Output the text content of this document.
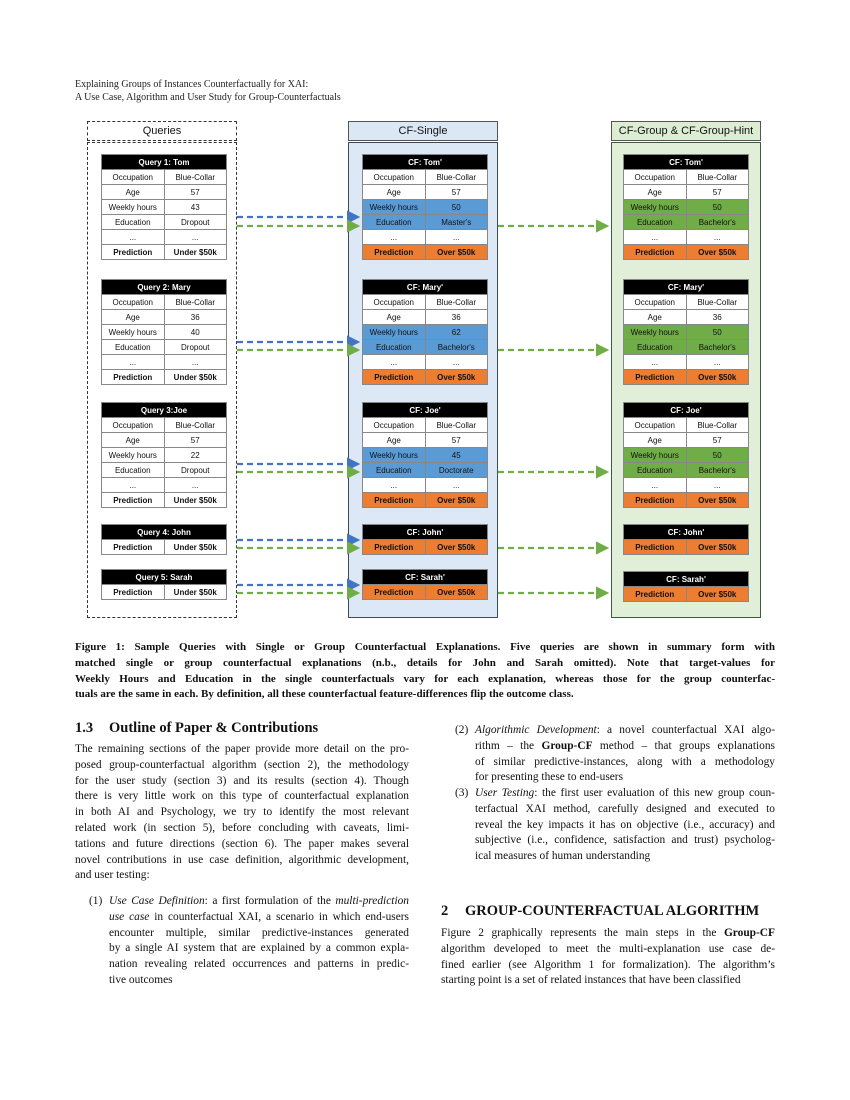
Explaining Groups of Instances Counterfactually for XAI:
A Use Case, Algorithm and User Study for Group-Counterfactuals
Queries	CF-Single	CF-Group & CF-Group-Hint
Query 1: Tom	
Occupation	Blue-Collar
Age	57
Weekly hours	43
Education	Dropout
...	...
Prediction	Under $50k
Query 2: Mary	
Occupation	Blue-Collar
Age	36
Weekly hours	40
Education	Dropout
...	...
Prediction	Under $50k
Query 3:Joe	
Occupation	Blue-Collar
Age	57
Weekly hours	22
Education	Dropout
...	...
Prediction	Under $50k
Query 4: John
Prediction	Under $50k
Query 5: Sarah
Prediction	Under $50k
CF: Tom'	
Occupation	Blue-Collar
Age	57
Weekly hours	50
Education	Master's
...	...
Prediction	Over $50k
CF: Mary'	
Occupation	Blue-Collar
Age	36
Weekly hours	62
Education	Bachelor's
...	...
Prediction	Over $50k
CF: Joe'	
Occupation	Blue-Collar
Age	57
Weekly hours	45
Education	Doctorate
...	...
Prediction	Over $50k
CF: John'
Prediction	Over $50k
CF: Sarah'
Prediction	Over $50k
CF: Tom'	
Occupation	Blue-Collar
Age	57
Weekly hours	50
Education	Bachelor's
...	...
Prediction	Over $50k
CF: Mary'	
Occupation	Blue-Collar
Age	36
Weekly hours	50
Education	Bachelor's
...	...
Prediction	Over $50k
CF: Joe'	
Occupation	Blue-Collar
Age	57
Weekly hours	50
Education	Bachelor's
...	...
Prediction	Over $50k
CF: John'
Prediction	Over $50k
CF: Sarah'
Prediction	Over $50k
Figure 1: Sample Queries with Single or Group Counterfactual Explanations. Five queries are shown in summary form with
matched single or group counterfactual explanations (n.b., details for John and Sarah omitted). Note that target-values for
Weekly Hours and Education in the single counterfactuals vary for each explanation, whereas those for the group counterfac-
tuals are the same in each. By definition, all these counterfactual feature-differences flip the outcome class.
1.3 Outline of Paper & Contributions
The remaining sections of the paper provide more detail on the pro-
posed group-counterfactual algorithm (section 2), the methodology
for the user study (section 3) and its results (section 4). Though
there is very little work on this type of counterfactual explanation
in both AI and Psychology, we try to identify the most relevant
related work (in section 5), before concluding with caveats, limi-
tations and future directions (section 6). The paper makes several
novel contributions in use case definition, algorithmic development,
and user testing:
(1) Use Case Definition: a first formulation of the multi-prediction
use case in counterfactual XAI, a scenario in which end-users
encounter multiple, similar predictive-instances generated
by a single AI system that are explained by a common expla-
nation revealing related occurrences and patterns in predic-
tive outcomes
(2) Algorithmic Development: a novel counterfactual XAI algo-
rithm – the Group-CF method – that groups explanations
of similar predictive-instances, along with a methodology
for presenting these to end-users
(3) User Testing: the first user evaluation of this new group coun-
terfactual XAI method, carefully designed and executed to
reveal the key impacts it has on objective (i.e., accuracy) and
subjective (i.e., confidence, satisfaction and trust) psycholog-
ical measures of human understanding
2 GROUP-COUNTERFACTUAL ALGORITHM
Figure 2 graphically represents the main steps in the Group-CF
algorithm developed to meet the multi-explanation use case de-
fined earlier (see Algorithm 1 for formalization). The algorithm’s
starting point is a set of related instances that have been classified
